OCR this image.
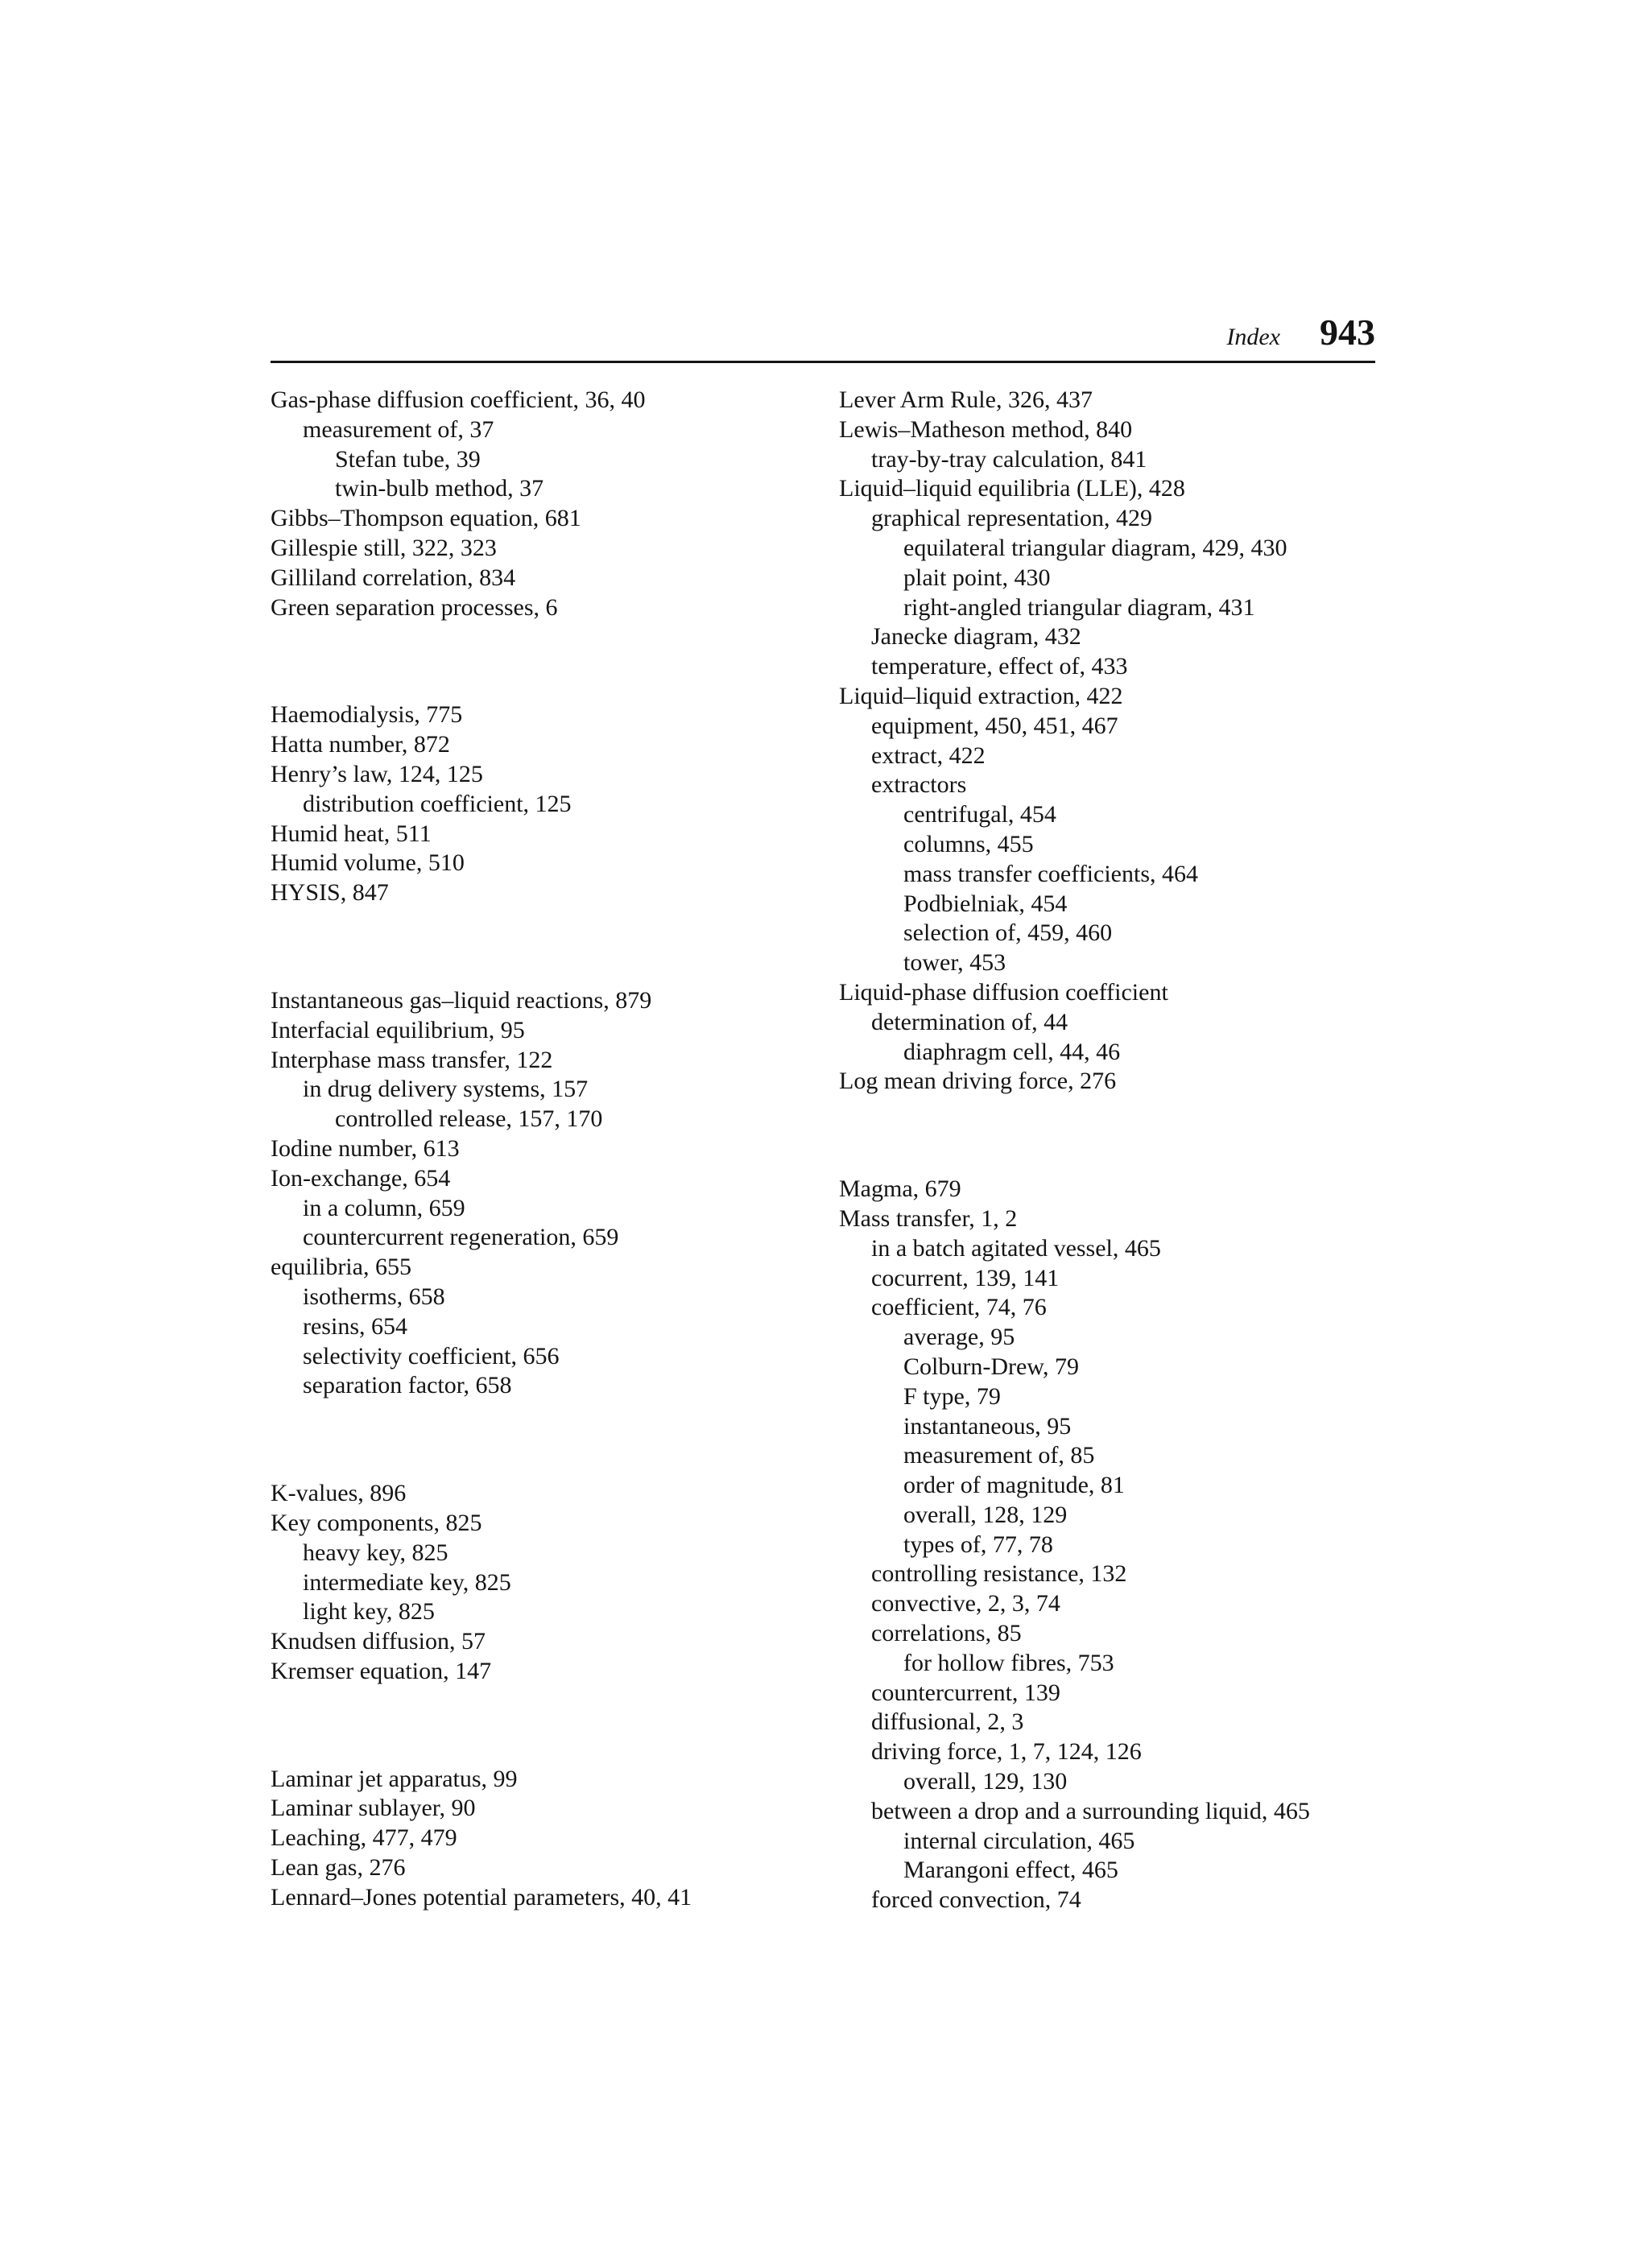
Index 943
Gas-phase diffusion coefficient, 36, 40
measurement of, 37
Stefan tube, 39
twin-bulb method, 37
Gibbs–Thompson equation, 681
Gillespie still, 322, 323
Gilliland correlation, 834
Green separation processes, 6
Haemodialysis, 775
Hatta number, 872
Henry’s law, 124, 125
distribution coefficient, 125
Humid heat, 511
Humid volume, 510
HYSIS, 847
Instantaneous gas–liquid reactions, 879
Interfacial equilibrium, 95
Interphase mass transfer, 122
in drug delivery systems, 157
controlled release, 157, 170
Iodine number, 613
Ion-exchange, 654
in a column, 659
countercurrent regeneration, 659
equilibria, 655
isotherms, 658
resins, 654
selectivity coefficient, 656
separation factor, 658
K-values, 896
Key components, 825
heavy key, 825
intermediate key, 825
light key, 825
Knudsen diffusion, 57
Kremser equation, 147
Laminar jet apparatus, 99
Laminar sublayer, 90
Leaching, 477, 479
Lean gas, 276
Lennard–Jones potential parameters, 40, 41
Lever Arm Rule, 326, 437
Lewis–Matheson method, 840
tray-by-tray calculation, 841
Liquid–liquid equilibria (LLE), 428
graphical representation, 429
equilateral triangular diagram, 429, 430
plait point, 430
right-angled triangular diagram, 431
Janecke diagram, 432
temperature, effect of, 433
Liquid–liquid extraction, 422
equipment, 450, 451, 467
extract, 422
extractors
centrifugal, 454
columns, 455
mass transfer coefficients, 464
Podbielniak, 454
selection of, 459, 460
tower, 453
Liquid-phase diffusion coefficient
determination of, 44
diaphragm cell, 44, 46
Log mean driving force, 276
Magma, 679
Mass transfer, 1, 2
in a batch agitated vessel, 465
cocurrent, 139, 141
coefficient, 74, 76
average, 95
Colburn-Drew, 79
F type, 79
instantaneous, 95
measurement of, 85
order of magnitude, 81
overall, 128, 129
types of, 77, 78
controlling resistance, 132
convective, 2, 3, 74
correlations, 85
for hollow fibres, 753
countercurrent, 139
diffusional, 2, 3
driving force, 1, 7, 124, 126
overall, 129, 130
between a drop and a surrounding liquid, 465
internal circulation, 465
Marangoni effect, 465
forced convection, 74
